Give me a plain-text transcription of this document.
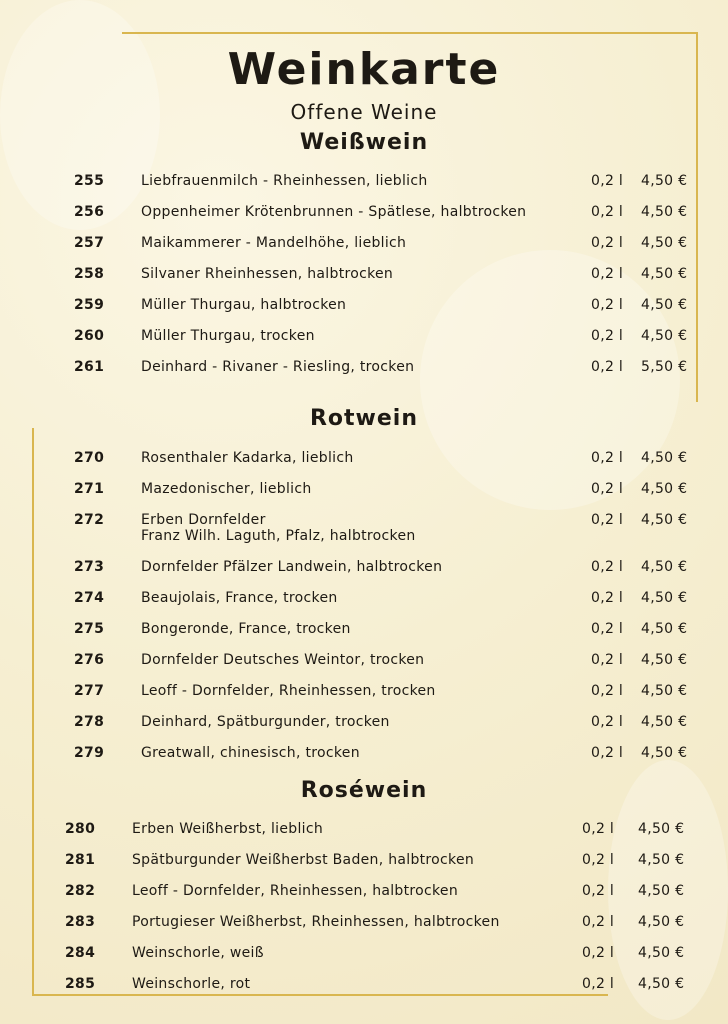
Weinkarte
Offene Weine
Weißwein
255	Liebfrauenmilch - Rheinhessen, lieblich	0,2 l 4,50 €
256	Oppenheimer Krötenbrunnen - Spätlese, halbtrocken	0,2 l 4,50 €
257	Maikammerer - Mandelhöhe, lieblich	0,2 l 4,50 €
258	Silvaner Rheinhessen, halbtrocken	0,2 l 4,50 €
259	Müller Thurgau, halbtrocken	0,2 l 4,50 €
260	Müller Thurgau, trocken	0,2 l 4,50 €
261	Deinhard - Rivaner - Riesling, trocken	0,2 l 5,50 €
Rotwein
270	Rosenthaler Kadarka, lieblich	0,2 l 4,50 €
271	Mazedonischer, lieblich	0,2 l 4,50 €
272	Erben Dornfelder
Franz Wilh. Laguth, Pfalz, halbtrocken
0,2 l 4,50 €
273	Dornfelder Pfälzer Landwein, halbtrocken	0,2 l 4,50 €
274	Beaujolais, France, trocken	0,2 l 4,50 €
275	Bongeronde, France, trocken	0,2 l 4,50 €
276	Dornfelder Deutsches Weintor, trocken	0,2 l 4,50 €
277	Leoff - Dornfelder, Rheinhessen, trocken	0,2 l 4,50 €
278	Deinhard, Spätburgunder, trocken	0,2 l 4,50 €
279	Greatwall, chinesisch, trocken	0,2 l 4,50 €
Roséwein
280	Erben Weißherbst, lieblich	0,2 l 4,50 €
281	Spätburgunder Weißherbst Baden, halbtrocken	0,2 l 4,50 €
282	Leoff - Dornfelder, Rheinhessen, halbtrocken	0,2 l 4,50 €
283	Portugieser Weißherbst, Rheinhessen, halbtrocken	0,2 l 4,50 €
284	Weinschorle, weiß	0,2 l 4,50 €
285	Weinschorle, rot	0,2 l 4,50 €
